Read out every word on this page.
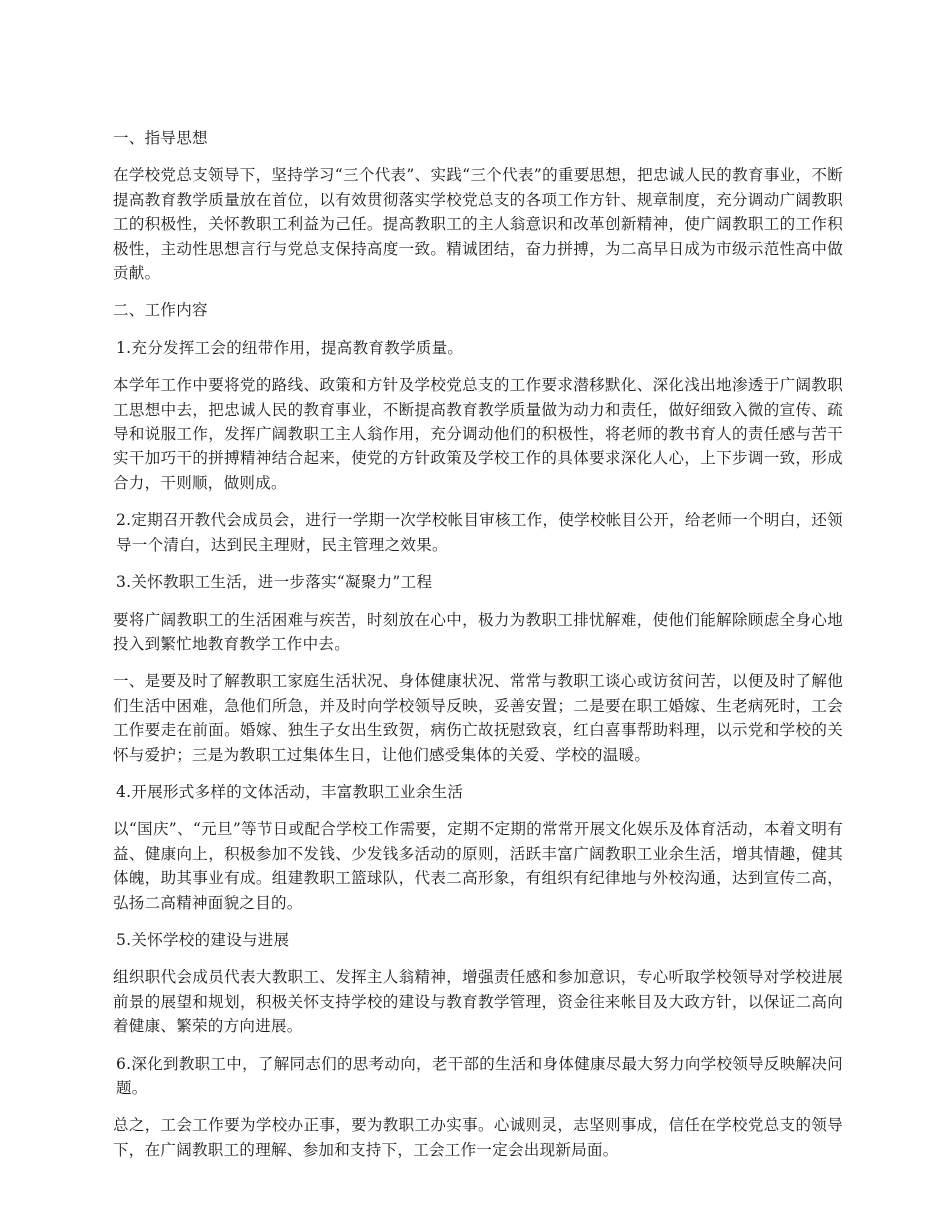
一、指导思想
在学校党总支领导下，坚持学习“三个代表”、实践“三个代表”的重要思想，把忠诚人民的教育事业，不断提高教育教学质量放在首位，以有效贯彻落实学校党总支的各项工作方针、规章制度，充分调动广阔教职工的积极性，关怀教职工利益为己任。提高教职工的主人翁意识和改革创新精神，使广阔教职工的工作积极性，主动性思想言行与党总支保持高度一致。精诚团结，奋力拼搏，为二高早日成为市级示范性高中做贡献。
二、工作内容
1.充分发挥工会的纽带作用，提高教育教学质量。
本学年工作中要将党的路线、政策和方针及学校党总支的工作要求潜移默化、深化浅出地渗透于广阔教职工思想中去，把忠诚人民的教育事业，不断提高教育教学质量做为动力和责任，做好细致入微的宣传、疏导和说服工作，发挥广阔教职工主人翁作用，充分调动他们的积极性，将老师的教书育人的责任感与苦干实干加巧干的拼搏精神结合起来，使党的方针政策及学校工作的具体要求深化人心，上下步调一致，形成合力，干则顺，做则成。
2.定期召开教代会成员会，进行一学期一次学校帐目审核工作，使学校帐目公开，给老师一个明白，还领导一个清白，达到民主理财，民主管理之效果。
3.关怀教职工生活，进一步落实“凝聚力”工程
要将广阔教职工的生活困难与疾苦，时刻放在心中，极力为教职工排忧解难，使他们能解除顾虑全身心地投入到繁忙地教育教学工作中去。
一、是要及时了解教职工家庭生活状况、身体健康状况、常常与教职工谈心或访贫问苦，以便及时了解他们生活中困难，急他们所急，并及时向学校领导反映，妥善安置；二是要在职工婚嫁、生老病死时，工会工作要走在前面。婚嫁、独生子女出生致贺，病伤亡故抚慰致哀，红白喜事帮助料理，以示党和学校的关怀与爱护；三是为教职工过集体生日，让他们感受集体的关爱、学校的温暖。
4.开展形式多样的文体活动，丰富教职工业余生活
以“国庆”、“元旦”等节日或配合学校工作需要，定期不定期的常常开展文化娱乐及体育活动，本着文明有益、健康向上，积极参加不发钱、少发钱多活动的原则，活跃丰富广阔教职工业余生活，增其情趣，健其体魄，助其事业有成。组建教职工篮球队，代表二高形象，有组织有纪律地与外校沟通，达到宣传二高，弘扬二高精神面貌之目的。
5.关怀学校的建设与进展
组织职代会成员代表大教职工、发挥主人翁精神，增强责任感和参加意识，专心听取学校领导对学校进展前景的展望和规划，积极关怀支持学校的建设与教育教学管理，资金往来帐目及大政方针，以保证二高向着健康、繁荣的方向进展。
6.深化到教职工中，了解同志们的思考动向，老干部的生活和身体健康尽最大努力向学校领导反映解决问题。
总之，工会工作要为学校办正事，要为教职工办实事。心诚则灵，志坚则事成，信任在学校党总支的领导下，在广阔教职工的理解、参加和支持下，工会工作一定会出现新局面。
